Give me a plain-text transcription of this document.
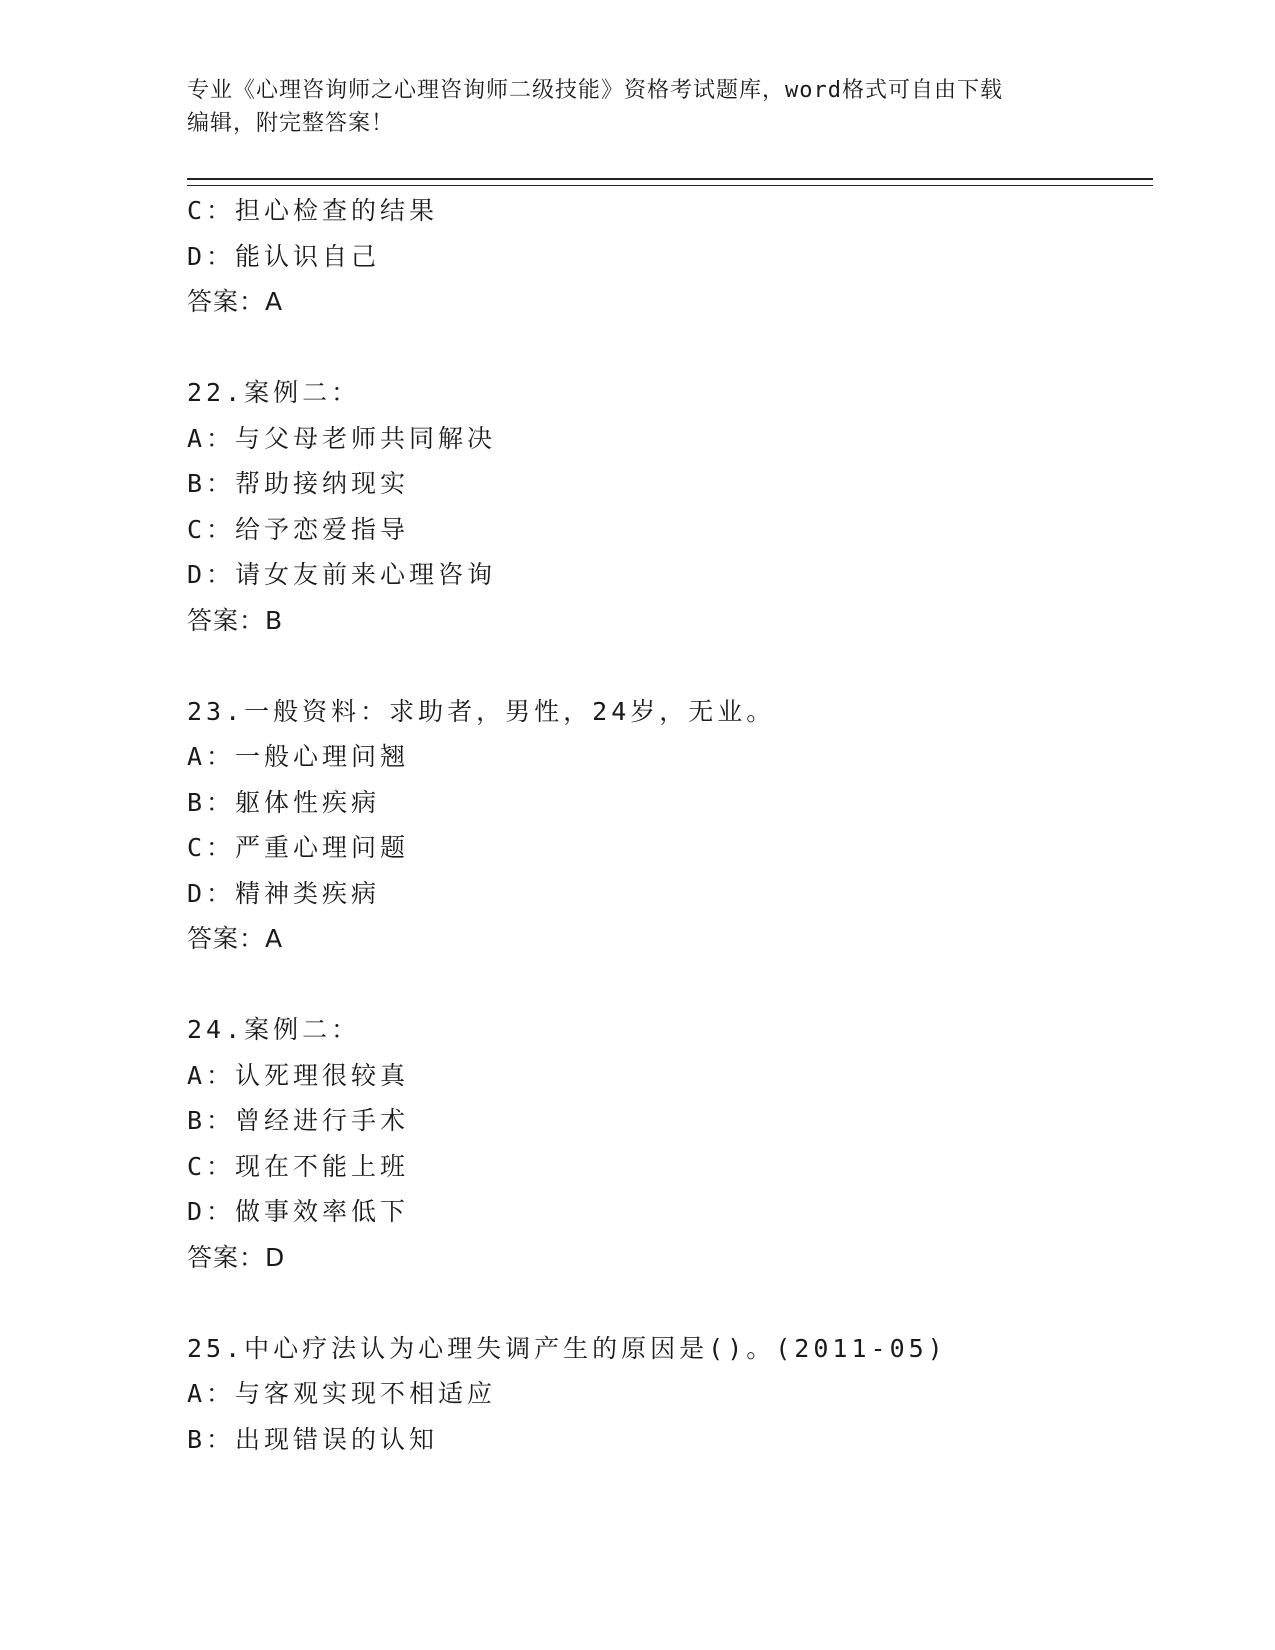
专业《心理咨询师之心理咨询师二级技能》资格考试题库，word格式可自由下载
编辑，附完整答案！
C：担心检查的结果
D：能认识自己
答案：A
22.案例二：
A：与父母老师共同解决
B：帮助接纳现实
C：给予恋爱指导
D：请女友前来心理咨询
答案：B
23.一般资料：求助者，男性，24岁，无业。
A：一般心理问翘
B：躯体性疾病
C：严重心理问题
D：精神类疾病
答案：A
24.案例二：
A：认死理很较真
B：曾经进行手术
C：现在不能上班
D：做事效率低下
答案：D
25.中心疗法认为心理失调产生的原因是()。(2011-05)
A：与客观实现不相适应
B：出现错误的认知
